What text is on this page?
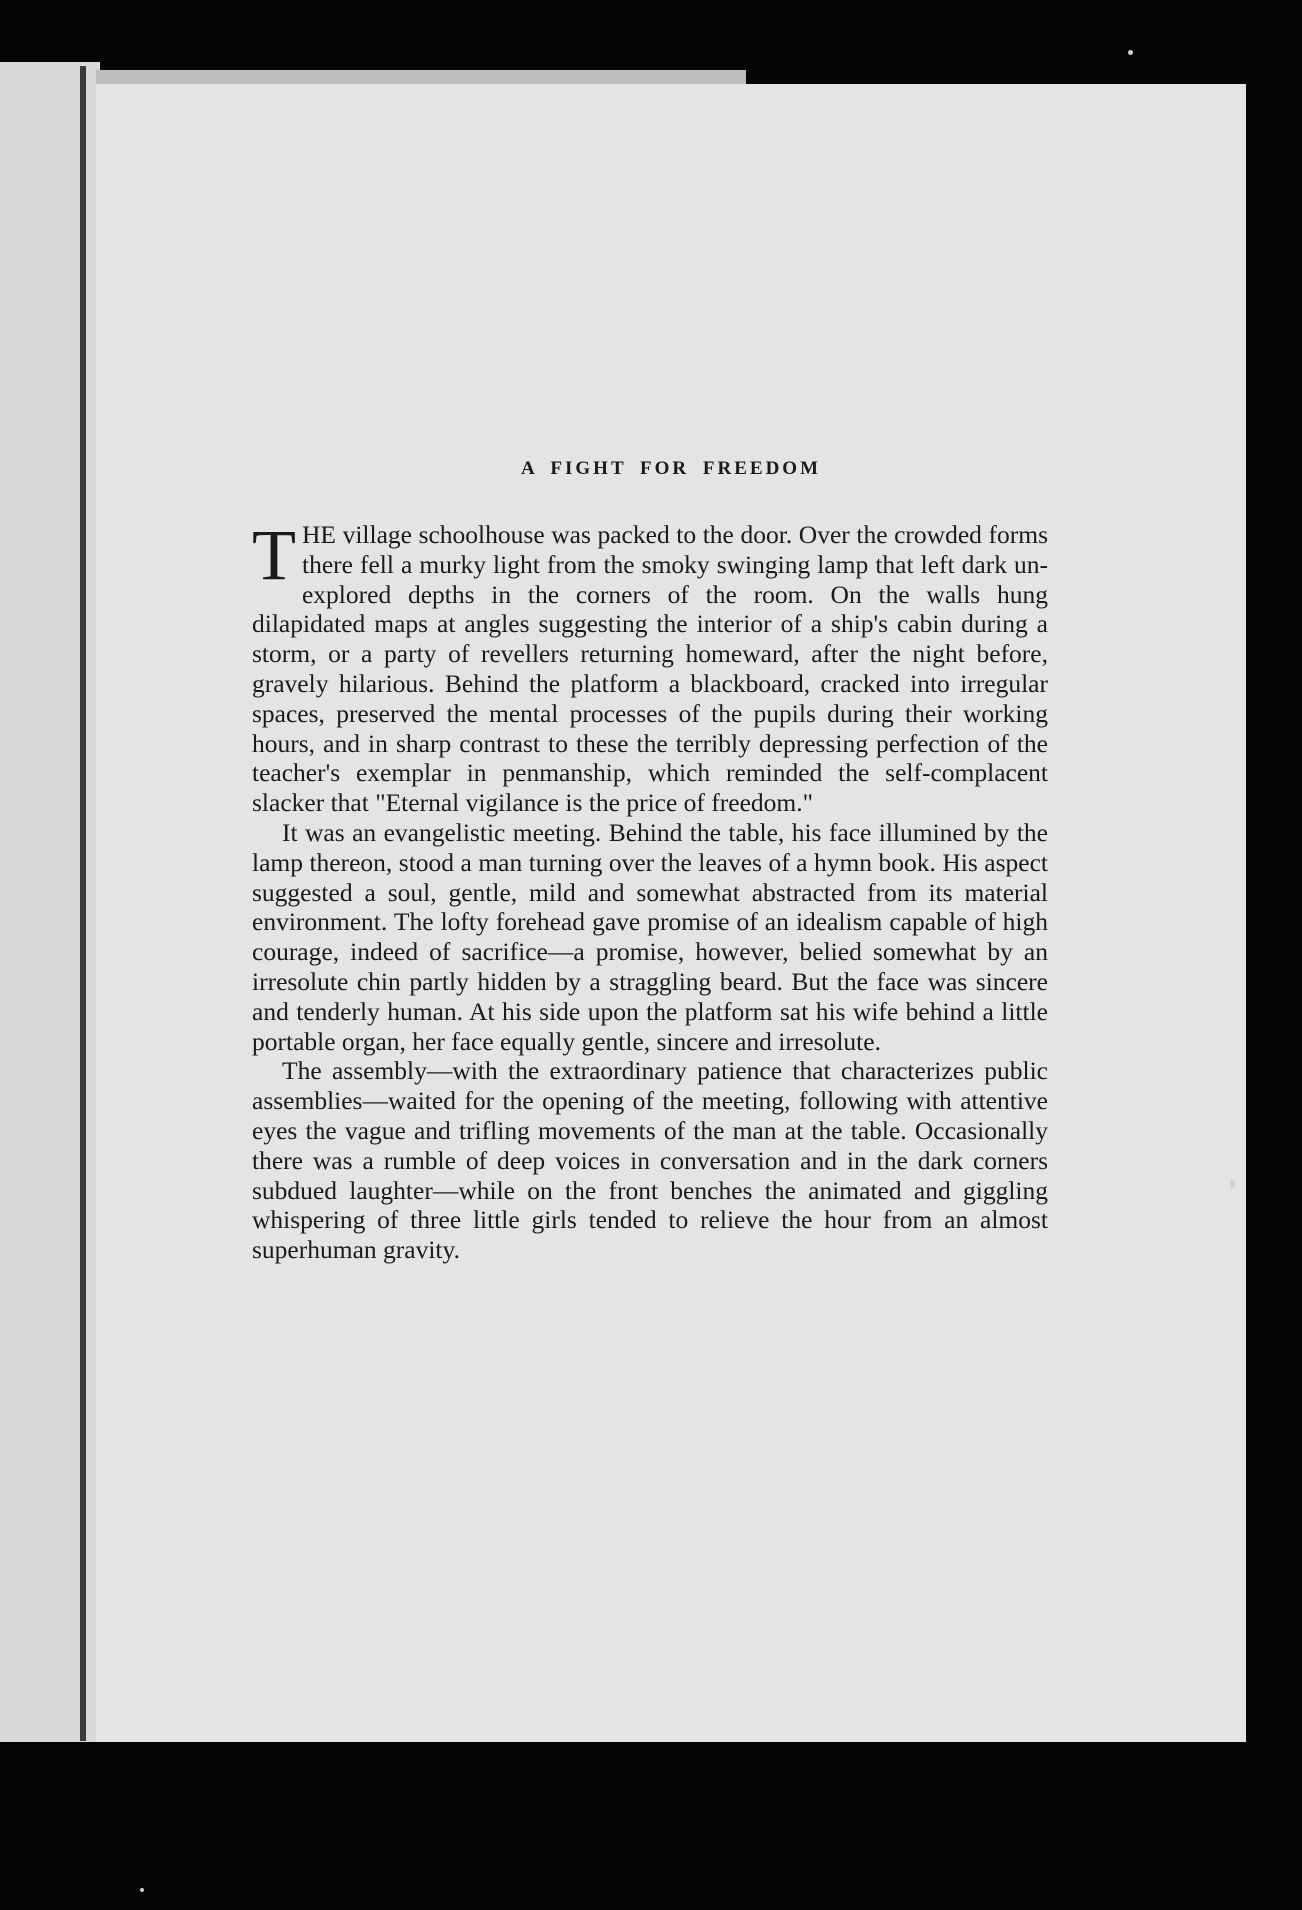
A FIGHT FOR FREEDOM

THE village schoolhouse was packed to the door. Over the crowded forms there fell a murky light from the smoky swinging lamp that left dark unexplored depths in the corners of the room. On the walls hung dilapidated maps at angles suggesting the interior of a ship's cabin during a storm, or a party of revellers returning homeward, after the night before, gravely hilarious. Behind the platform a blackboard, cracked into irregular spaces, preserved the mental processes of the pupils during their working hours, and in sharp contrast to these the terribly depressing perfection of the teacher's exemplar in penmanship, which reminded the self-complacent slacker that "Eternal vigilance is the price of freedom."

It was an evangelistic meeting. Behind the table, his face illumined by the lamp thereon, stood a man turning over the leaves of a hymn book. His aspect suggested a soul, gentle, mild and somewhat abstracted from its material environment. The lofty forehead gave promise of an idealism capable of high courage, indeed of sacrifice—a promise, however, belied somewhat by an irresolute chin partly hidden by a straggling beard. But the face was sincere and tenderly human. At his side upon the platform sat his wife behind a little portable organ, her face equally gentle, sincere and irresolute.

The assembly—with the extraordinary patience that characterizes public assemblies—waited for the opening of the meeting, following with attentive eyes the vague and trifling movements of the man at the table. Occasionally there was a rumble of deep voices in conversation and in the dark corners subdued laughter—while on the front benches the animated and giggling whispering of three little girls tended to relieve the hour from an almost superhuman gravity.
